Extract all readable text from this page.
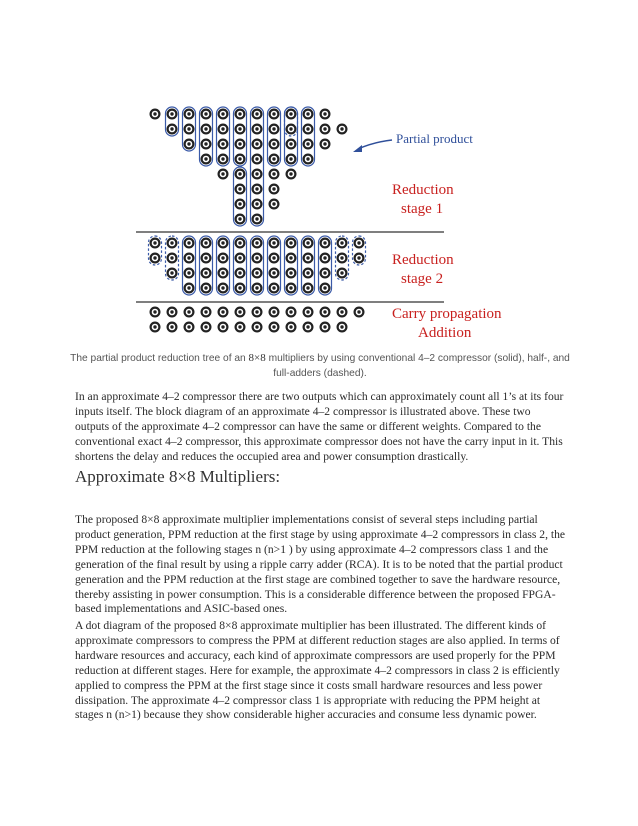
Partial product
Reduction
stage 1
Reduction
stage 2
Carry propagation
Addition
The partial product reduction tree of an 8×8 multipliers by using conventional 4–2 compressor (solid), half-, and full-adders (dashed).

In an approximate 4–2 compressor there are two outputs which can approximately count all 1’s at its four inputs itself. The block diagram of an approximate 4–2 compressor is illustrated above. These two outputs of the approximate 4–2 compressor can have the same or different weights. Compared to the conventional exact 4–2 compressor, this approximate compressor does not have the carry input in it. This shortens the delay and reduces the occupied area and power consumption drastically.

Approximate 8×8 Multipliers:

The proposed 8×8 approximate multiplier implementations consist of several steps including partial product generation, PPM reduction at the first stage by using approximate 4–2 compressors in class 2, the PPM reduction at the following stages n (n>1 ) by using approximate 4–2 compressors class 1 and the generation of the final result by using a ripple carry adder (RCA). It is to be noted that the partial product generation and the PPM reduction at the first stage are combined together to save the hardware resource, thereby assisting in power consumption. This is a considerable difference between the proposed FPGA-based implementations and ASIC-based ones.

A dot diagram of the proposed 8×8 approximate multiplier has been illustrated. The different kinds of approximate compressors to compress the PPM at different reduction stages are also applied. In terms of hardware resources and accuracy, each kind of approximate compressors are used properly for the PPM reduction at different stages. Here for example, the approximate 4–2 compressors in class 2 is efficiently applied to compress the PPM at the first stage since it costs small hardware resources and less power dissipation. The approximate 4–2 compressor class 1 is appropriate with reducing the PPM height at stages n (n>1) because they show considerable higher accuracies and consume less dynamic power.
